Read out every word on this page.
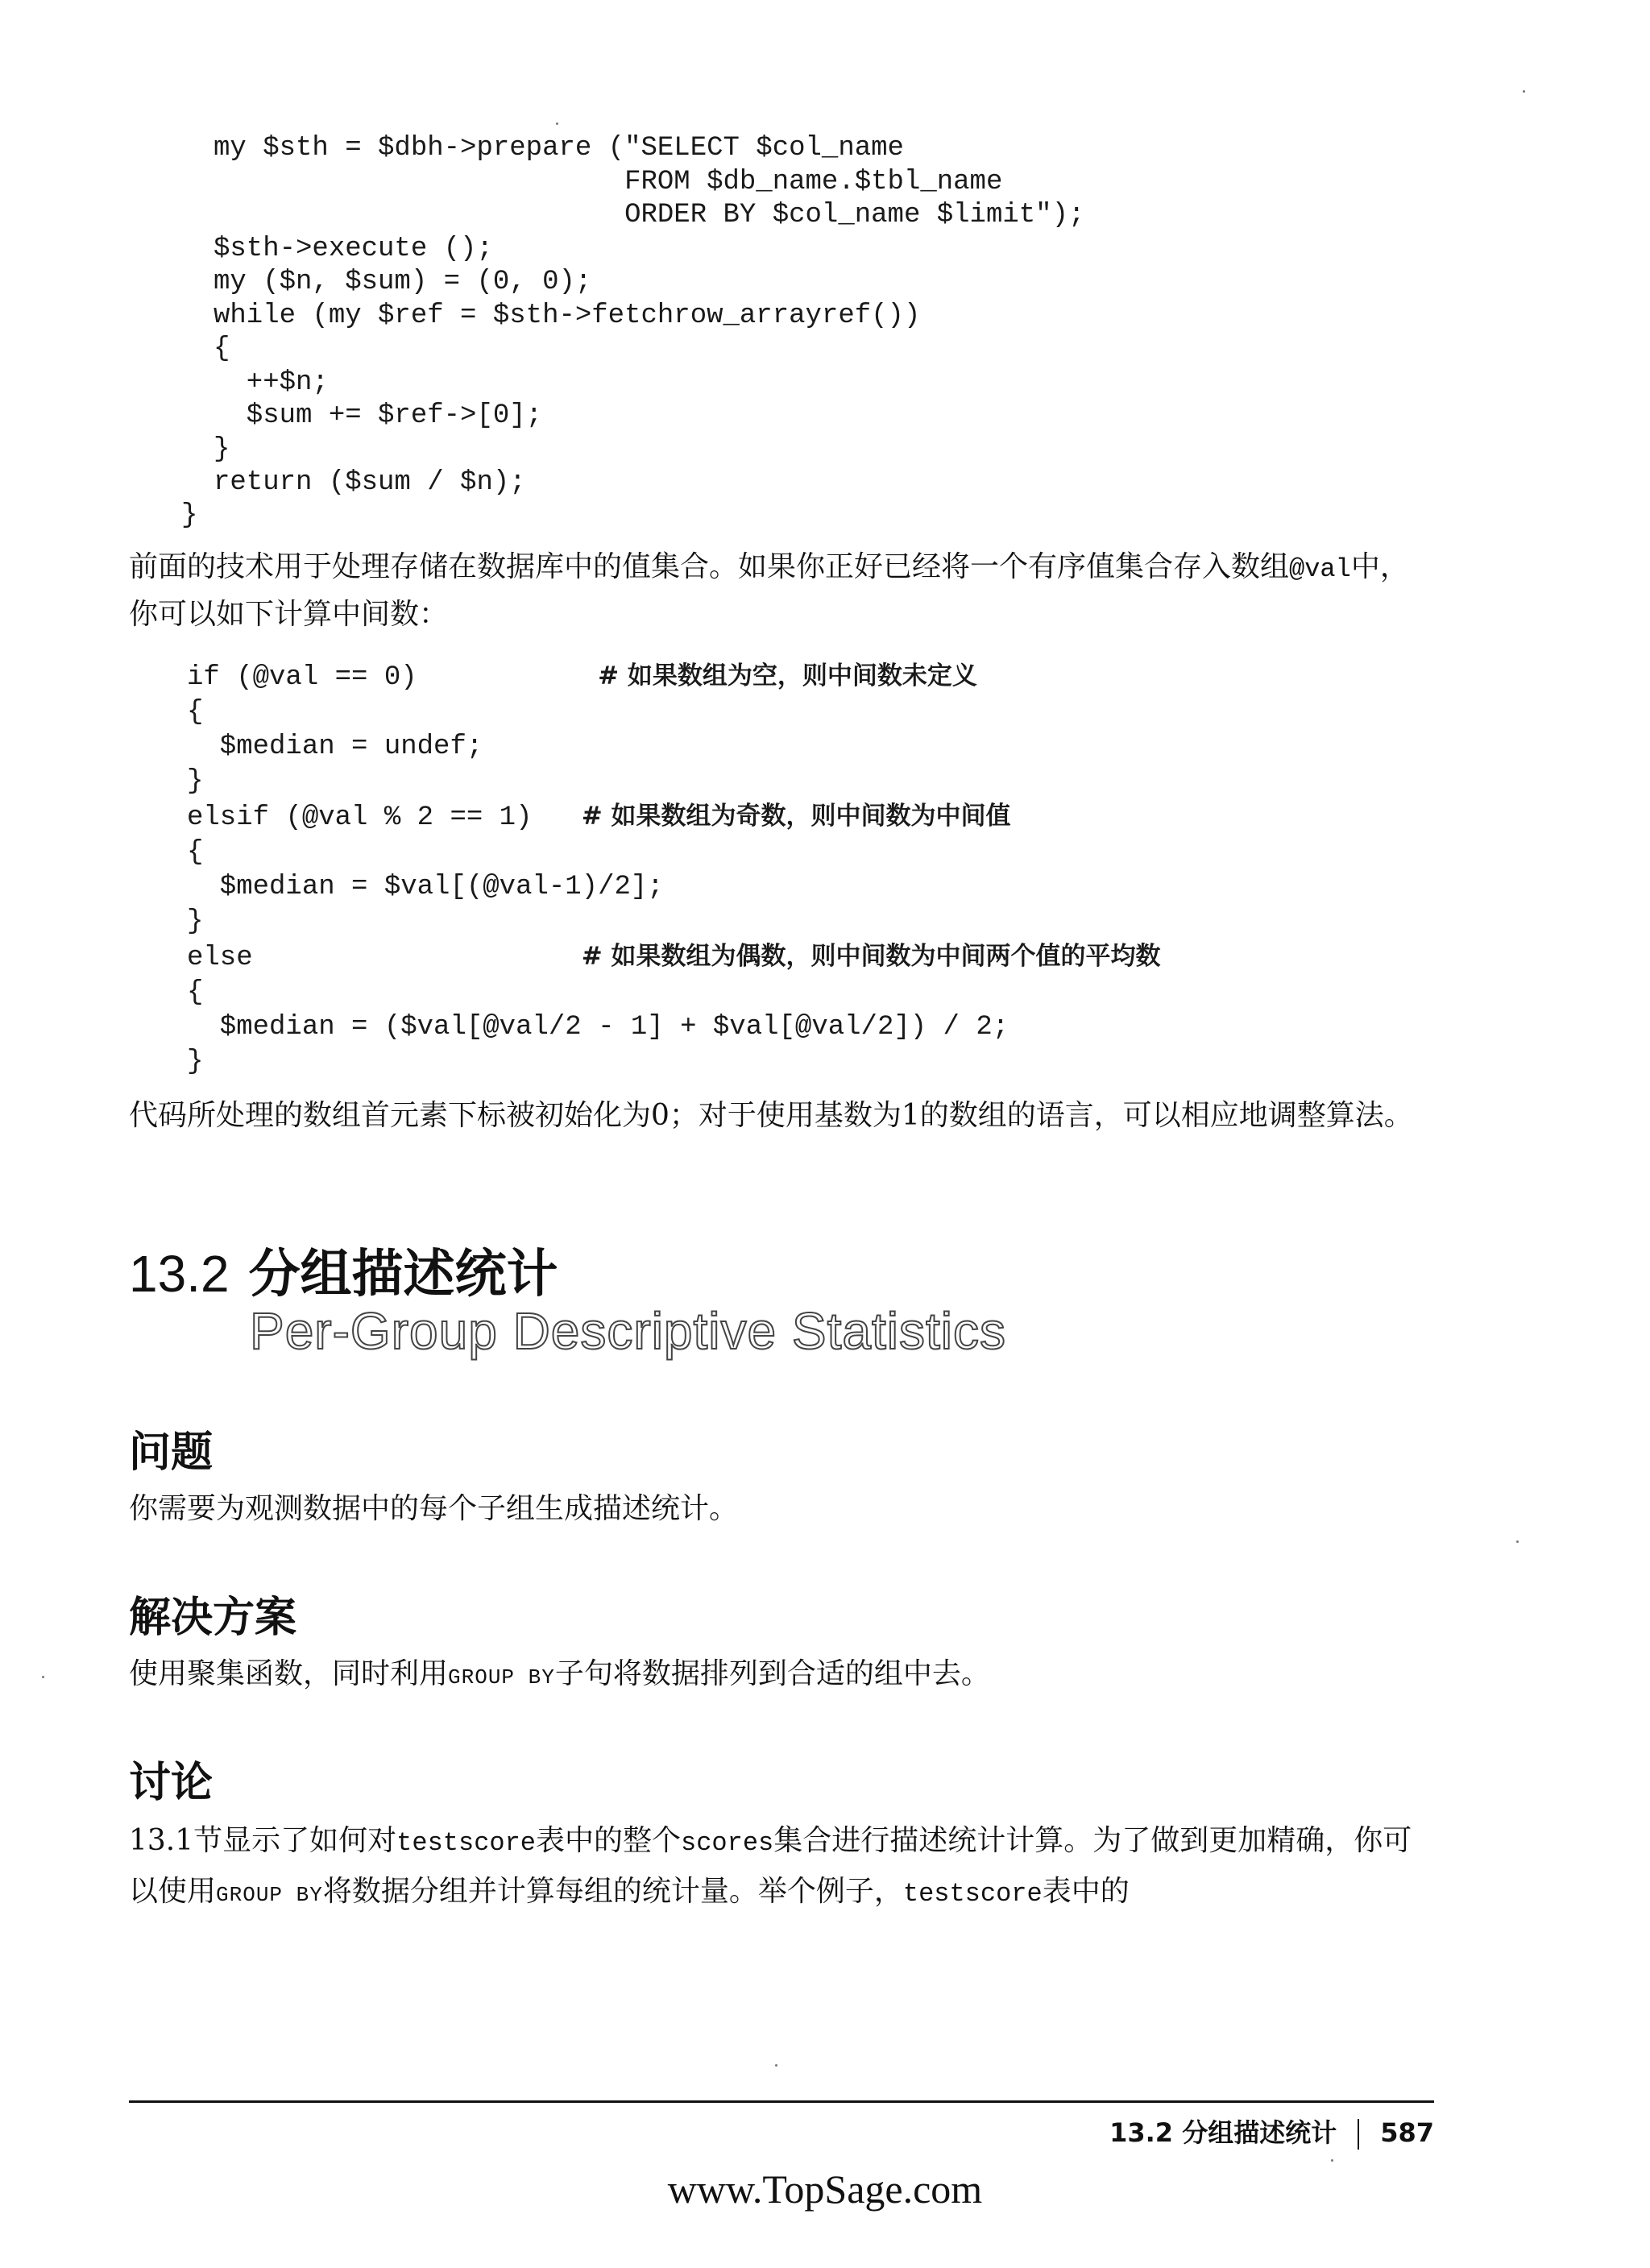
my $sth = $dbh->prepare ("SELECT $col_name
FROM $db_name.$tbl_name
ORDER BY $col_name $limit");
$sth->execute ();
my ($n, $sum) = (0, 0);
while (my $ref = $sth->fetchrow_arrayref())
{
++$n;
$sum += $ref->[0];
}
return ($sum / $n);
}

前面的技术用于处理存储在数据库中的值集合。如果你正好已经将一个有序值集合存入数组@val中，你可以如下计算中间数：

if (@val == 0)           # 如果数组为空，则中间数未定义
{
$median = undef;
}
elsif (@val % 2 == 1)   # 如果数组为奇数，则中间数为中间值
{
$median = $val[(@val-1)/2];
}
else                    # 如果数组为偶数，则中间数为中间两个值的平均数
{
$median = ($val[@val/2 - 1] + $val[@val/2]) / 2;
}

代码所处理的数组首元素下标被初始化为0；对于使用基数为1的数组的语言，可以相应地调整算法。

13.2 分组描述统计
Per-Group Descriptive Statistics
问题

你需要为观测数据中的每个子组生成描述统计。

解决方案

使用聚集函数，同时利用GROUP BY子句将数据排列到合适的组中去。

讨论

13.1节显示了如何对testscore表中的整个scores集合进行描述统计计算。为了做到更加精确，你可以使用GROUP BY将数据分组并计算每组的统计量。举个例子，testscore表中的

13.2 分组描述统计 587
www.TopSage.com
